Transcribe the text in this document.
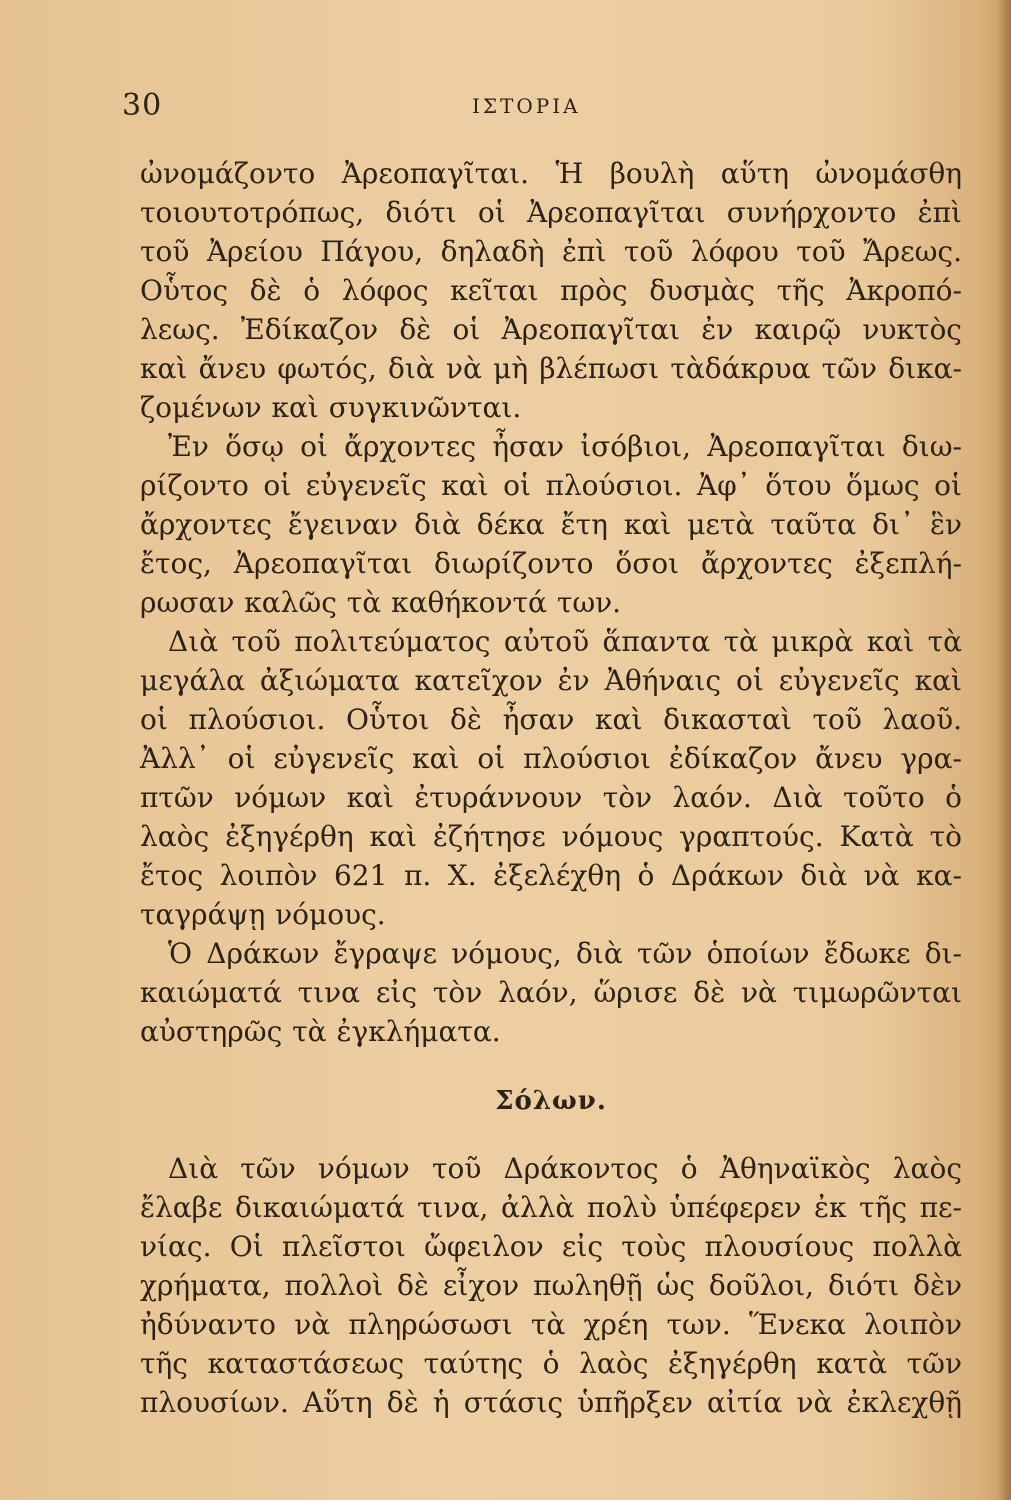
30	ΙΣΤΟΡΙΑ
ὠνομάζοντο Ἀρεοπαγῖται. Ἡ βουλὴ αὕτη ὠνομάσθη
τοιουτοτρόπως, διότι οἱ Ἀρεοπαγῖται συνήρχοντο ἐπὶ
τοῦ Ἀρείου Πάγου, δηλαδὴ ἐπὶ τοῦ λόφου τοῦ Ἄρεως.
Οὗτος δὲ ὁ λόφος κεῖται πρὸς δυσμὰς τῆς Ἀκροπό-
λεως. Ἐδίκαζον δὲ οἱ Ἀρεοπαγῖται ἐν καιρῷ νυκτὸς
καὶ ἄνευ φωτός, διὰ νὰ μὴ βλέπωσι τὰδάκρυα τῶν δικα-
ζομένων καὶ συγκινῶνται.
Ἐν ὅσῳ οἱ ἄρχοντες ἦσαν ἰσόβιοι, Ἀρεοπαγῖται διω-
ρίζοντο οἱ εὐγενεῖς καὶ οἱ πλούσιοι. Ἀφ᾽ ὅτου ὅμως οἱ
ἄρχοντες ἔγειναν διὰ δέκα ἔτη καὶ μετὰ ταῦτα δι᾽ ἓν
ἔτος, Ἀρεοπαγῖται διωρίζοντο ὅσοι ἄρχοντες ἐξεπλή-
ρωσαν καλῶς τὰ καθήκοντά των.
Διὰ τοῦ πολιτεύματος αὐτοῦ ἅπαντα τὰ μικρὰ καὶ τὰ
μεγάλα ἀξιώματα κατεῖχον ἐν Ἀθήναις οἱ εὐγενεῖς καὶ
οἱ πλούσιοι. Οὗτοι δὲ ἦσαν καὶ δικασταὶ τοῦ λαοῦ.
Ἀλλ᾽ οἱ εὐγενεῖς καὶ οἱ πλούσιοι ἐδίκαζον ἄνευ γρα-
πτῶν νόμων καὶ ἐτυράννουν τὸν λαόν. Διὰ τοῦτο ὁ
λαὸς ἐξηγέρθη καὶ ἐζήτησε νόμους γραπτούς. Κατὰ τὸ
ἔτος λοιπὸν 621 π. Χ. ἐξελέχθη ὁ Δράκων διὰ νὰ κα-
ταγράψῃ νόμους.
Ὁ Δράκων ἔγραψε νόμους, διὰ τῶν ὁποίων ἔδωκε δι-
καιώματά τινα εἰς τὸν λαόν, ὥρισε δὲ νὰ τιμωρῶνται
αὐστηρῶς τὰ ἐγκλήματα.
Σόλων.
Διὰ τῶν νόμων τοῦ Δράκοντος ὁ Ἀθηναϊκὸς λαὸς
ἔλαβε δικαιώματά τινα, ἀλλὰ πολὺ ὑπέφερεν ἐκ τῆς πε-
νίας. Οἱ πλεῖστοι ὤφειλον εἰς τοὺς πλουσίους πολλὰ
χρήματα, πολλοὶ δὲ εἶχον πωληθῇ ὡς δοῦλοι, διότι δὲν
ἠδύναντο νὰ πληρώσωσι τὰ χρέη των. Ἕνεκα λοιπὸν
τῆς καταστάσεως ταύτης ὁ λαὸς ἐξηγέρθη κατὰ τῶν
πλουσίων. Αὕτη δὲ ἡ στάσις ὑπῆρξεν αἰτία νὰ ἐκλεχθῇ
